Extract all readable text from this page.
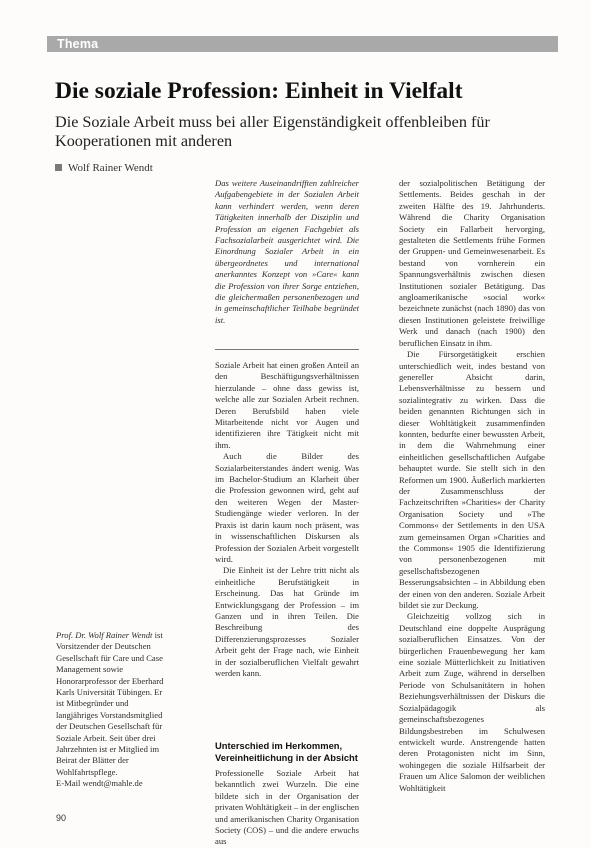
Thema
Die soziale Profession: Einheit in Vielfalt

Die Soziale Arbeit muss bei aller Eigenständigkeit offenbleiben für Kooperationen mit anderen

Wolf Rainer Wendt

Das weitere Auseinandrifften zahlreicher Aufgabengebiete in der Sozialen Arbeit kann verhindert werden, wenn deren Tätigkeiten innerhalb der Disziplin und Profession an eigenen Fachgebiet als Fachsozialarbeit ausgerichtet wird. Die Einordnung Sozialer Arbeit in ein übergeordnetes und international anerkanntes Konzept von »Care« kann die Profession von ihrer Sorge entziehen, die gleichermaßen personenbezogen und in gemeinschaftlicher Teilhabe begründet ist.

Soziale Arbeit hat einen großen Anteil an den Beschäftigungsverhältnissen hierzulande – ohne dass gewiss ist, welche alle zur Sozialen Arbeit rechnen. Deren Berufsbild haben viele Mitarbeitende nicht vor Augen und identifizieren ihre Tätigkeit nicht mit ihm.

Auch die Bilder des Sozialarbeiterstandes ändert wenig. Was im Bachelor-Studium an Klarheit über die Profession gewonnen wird, geht auf den weiteren Wegen der Master-Studiengänge wieder verloren. In der Praxis ist darin kaum noch präsent, was in wissenschaftlichen Diskursen als Profession der Sozialen Arbeit vorgestellt wird.

Die Einheit ist der Lehre tritt nicht als einheitliche Berufstätigkeit in Erscheinung. Das hat Gründe im Entwicklungsgang der Profession – im Ganzen und in ihren Teilen. Die Beschreibung des Differenzierungsprozesses Sozialer Arbeit geht der Frage nach, wie Einheit in der sozialberuflichen Vielfalt gewahrt werden kann.

Unterschied im Herkommen, Vereinheitlichung in der Absicht

Professionelle Soziale Arbeit hat bekanntlich zwei Wurzeln. Die eine bildete sich in der Organisation der privaten Wohltätigkeit – in der englischen und amerikanischen Charity Organisation Society (COS) – und die andere erwuchs aus

der sozialpolitischen Betätigung der Settlements. Beides geschah in der zweiten Hälfte des 19. Jahrhunderts. Während die Charity Organisation Society ein Fallarbeit hervorging, gestalteten die Settlements frühe Formen der Gruppen- und Gemeinwesenarbeit. Es bestand von vornherein ein Spannungsverhältnis zwischen diesen Institutionen sozialer Betätigung. Das angloamerikanische »social work« bezeichnete zunächst (nach 1890) das von diesen Institutionen geleistete freiwillige Werk und danach (nach 1900) den beruflichen Einsatz in ihm.

Die Fürsorgetätigkeit erschien unterschiedlich weit, indes bestand von genereller Absicht darin, Lebensverhältnisse zu bessern und sozialintegrativ zu wirken. Dass die beiden genannten Richtungen sich in dieser Wohltätigkeit zusammenfinden konnten, bedurfte einer bewussten Arbeit, in dem die Wahrnehmung einer einheitlichen gesellschaftlichen Aufgabe behauptet wurde. Sie stellt sich in den Reformen um 1900. Äußerlich markierten der Zusammenschluss der Fachzeitschriften »Charities« der Charity Organisation Society und »The Commons« der Settlements in den USA zum gemeinsamen Organ »Charities and the Commons« 1905 die Identifizierung von personenbezogenen mit gesellschaftsbezogenen Besserungsabsichten – in Abbildung eben der einen von den anderen. Soziale Arbeit bildet sie zur Deckung.

Gleichzeitig vollzog sich in Deutschland eine doppelte Ausprägung sozialberuflichen Einsatzes. Von der bürgerlichen Frauenbewegung her kam eine soziale Mütterlichkeit zu Initiativen Arbeit zum Zuge, während in derselben Periode von Schulsanitätern in hohen Beziehungsverhältnissen der Diskurs die Sozialpädagogik als gemeinschaftsbezogenes Bildungsbestreben im Schulwesen entwickelt wurde. Anstrengende hatten deren Protagonisten nicht im Sinn, wohingegen die soziale Hilfsarbeit der Frauen um Alice Salomon der weiblichen Wohltätigkeit

Prof. Dr. Wolf Rainer Wendt ist Vorsitzender der Deutschen Gesellschaft für Care und Case Management sowie Honorarprofessor der Eberhard Karls Universität Tübingen. Er ist Mitbegründer und langjähriges Vorstandsmitglied der Deutschen Gesellschaft für Soziale Arbeit. Seit über drei Jahrzehnten ist er Mitglied im Beirat der Blätter der Wohlfahrtspflege.

E-Mail wendt@mahle.de

90
